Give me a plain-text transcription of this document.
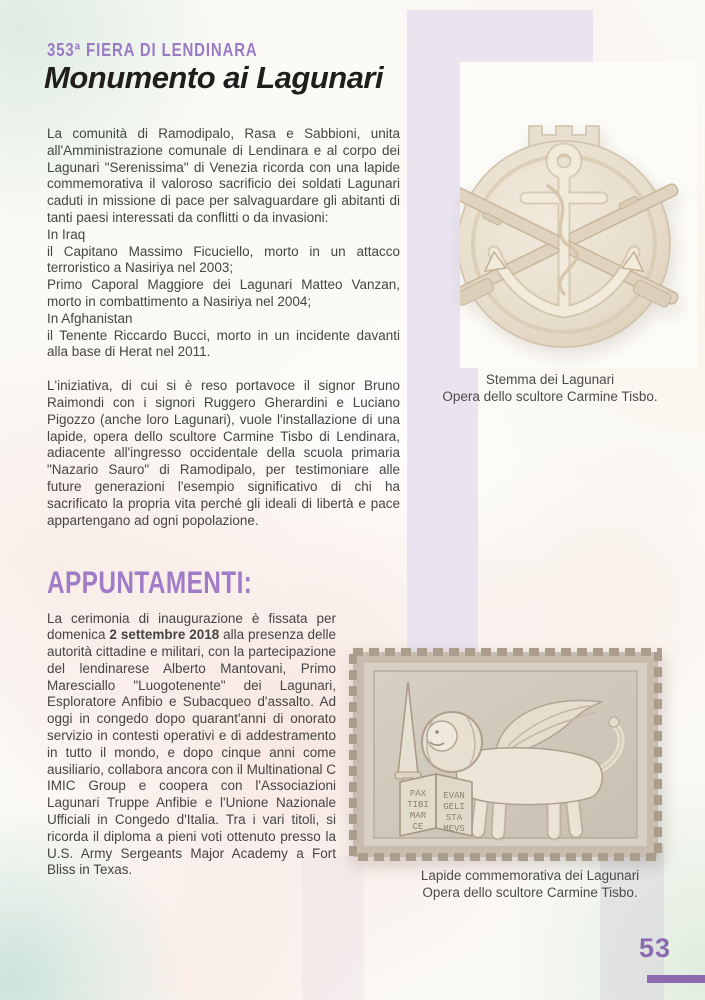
353ª FIERA DI LENDINARA
Monumento ai Lagunari

La comunità di Ramodipalo, Rasa e Sabbioni, unita all'Amministrazione comunale di Lendinara e al corpo dei Lagunari "Serenissima" di Venezia ricorda con una lapide commemorativa il valoroso sacrificio dei soldati Lagunari caduti in missione di pace per salvaguardare gli abitanti di tanti paesi interessati da conflitti o da invasioni:

In Iraq

il Capitano Massimo Ficuciello, morto in un attacco terroristico a Nasiriya nel 2003;

Primo Caporal Maggiore dei Lagunari Matteo Vanzan, morto in combattimento a Nasiriya nel 2004;

In Afghanistan

il Tenente Riccardo Bucci, morto in un incidente davanti alla base di Herat nel 2011.

L'iniziativa, di cui si è reso portavoce il signor Bruno Raimondi con i signori Ruggero Gherardini e Luciano Pigozzo (anche loro Lagunari), vuole l'installazione di una lapide, opera dello scultore Carmine Tisbo di Lendinara, adiacente all'ingresso occidentale della scuola primaria "Nazario Sauro" di Ramodipalo, per testimoniare alle future generazioni l'esempio significativo di chi ha sacrificato la propria vita perché gli ideali di libertà e pace appartengano ad ogni popolazione.

APPUNTAMENTI:

La cerimonia di inaugurazione è fissata per domenica 2 settembre 2018 alla presenza delle autorità cittadine e militari, con la partecipazione del lendinarese Alberto Mantovani, Primo Maresciallo "Luogotenente" dei Lagunari, Esploratore Anfibio e Subacqueo d'assalto. Ad oggi in congedo dopo quarant'anni di onorato servizio in contesti operativi e di addestramento in tutto il mondo, e dopo cinque anni come ausiliario, collabora ancora con il Multinational C IMIC Group e coopera con l'Associazioni Lagunari Truppe Anfibie e l'Unione Nazionale Ufficiali in Congedo d'Italia. Tra i vari titoli, si ricorda il diploma a pieni voti ottenuto presso la U.S. Army Sergeants Major Academy a Fort Bliss in Texas.

Stemma dei Lagunari
Opera dello scultore Carmine Tisbo.
PAX
TIBI
MAR
CE
EVAN
GELI
STA
MEVS
Lapide commemorativa dei Lagunari
Opera dello scultore Carmine Tisbo.
53
